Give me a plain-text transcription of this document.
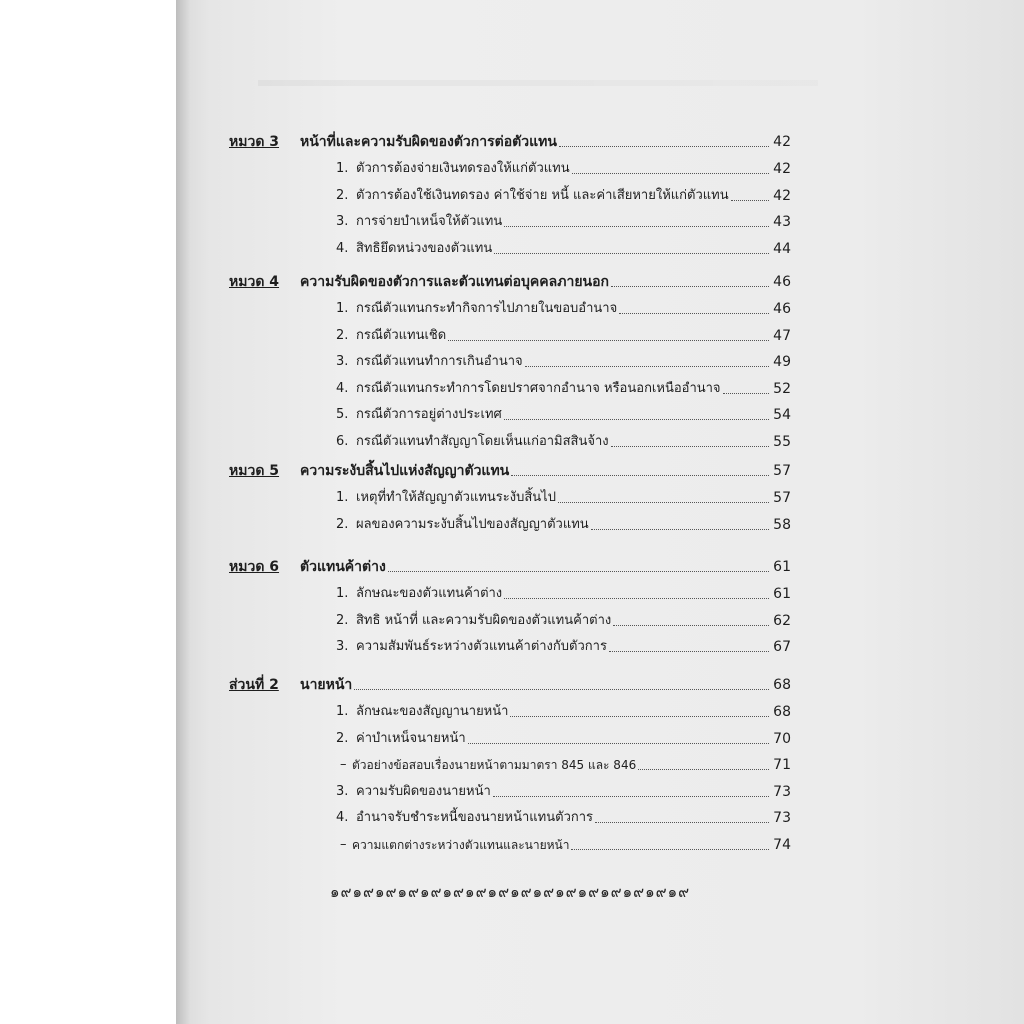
หมวด 3 หน้าที่และความรับผิดของตัวการต่อตัวแทน	42
1. ตัวการต้องจ่ายเงินทดรองให้แก่ตัวแทน	42
2. ตัวการต้องใช้เงินทดรอง ค่าใช้จ่าย หนี้ และค่าเสียหายให้แก่ตัวแทน	42
3. การจ่ายบำเหน็จให้ตัวแทน	43
4. สิทธิยึดหน่วงของตัวแทน	44
หมวด 4 ความรับผิดของตัวการและตัวแทนต่อบุคคลภายนอก	46
1. กรณีตัวแทนกระทำกิจการไปภายในขอบอำนาจ	46
2. กรณีตัวแทนเชิด	47
3. กรณีตัวแทนทำการเกินอำนาจ	49
4. กรณีตัวแทนกระทำการโดยปราศจากอำนาจ หรือนอกเหนืออำนาจ	52
5. กรณีตัวการอยู่ต่างประเทศ	54
6. กรณีตัวแทนทำสัญญาโดยเห็นแก่อามิสสินจ้าง	55
หมวด 5 ความระงับสิ้นไปแห่งสัญญาตัวแทน	57
1. เหตุที่ทำให้สัญญาตัวแทนระงับสิ้นไป	57
2. ผลของความระงับสิ้นไปของสัญญาตัวแทน	58
หมวด 6 ตัวแทนค้าต่าง	61
1. ลักษณะของตัวแทนค้าต่าง	61
2. สิทธิ หน้าที่ และความรับผิดของตัวแทนค้าต่าง	62
3. ความสัมพันธ์ระหว่างตัวแทนค้าต่างกับตัวการ	67
ส่วนที่ 2 นายหน้า	68
1. ลักษณะของสัญญานายหน้า	68
2. ค่าบำเหน็จนายหน้า	70
– ตัวอย่างข้อสอบเรื่องนายหน้าตามมาตรา 845 และ 846	71
3. ความรับผิดของนายหน้า	73
4. อำนาจรับชำระหนี้ของนายหน้าแทนตัวการ	73
– ความแตกต่างระหว่างตัวแทนและนายหน้า	74
๑๙๑๙๑๙๑๙๑๙๑๙๑๙๑๙๑๙๑๙๑๙๑๙๑๙๑๙๑๙๑๙
